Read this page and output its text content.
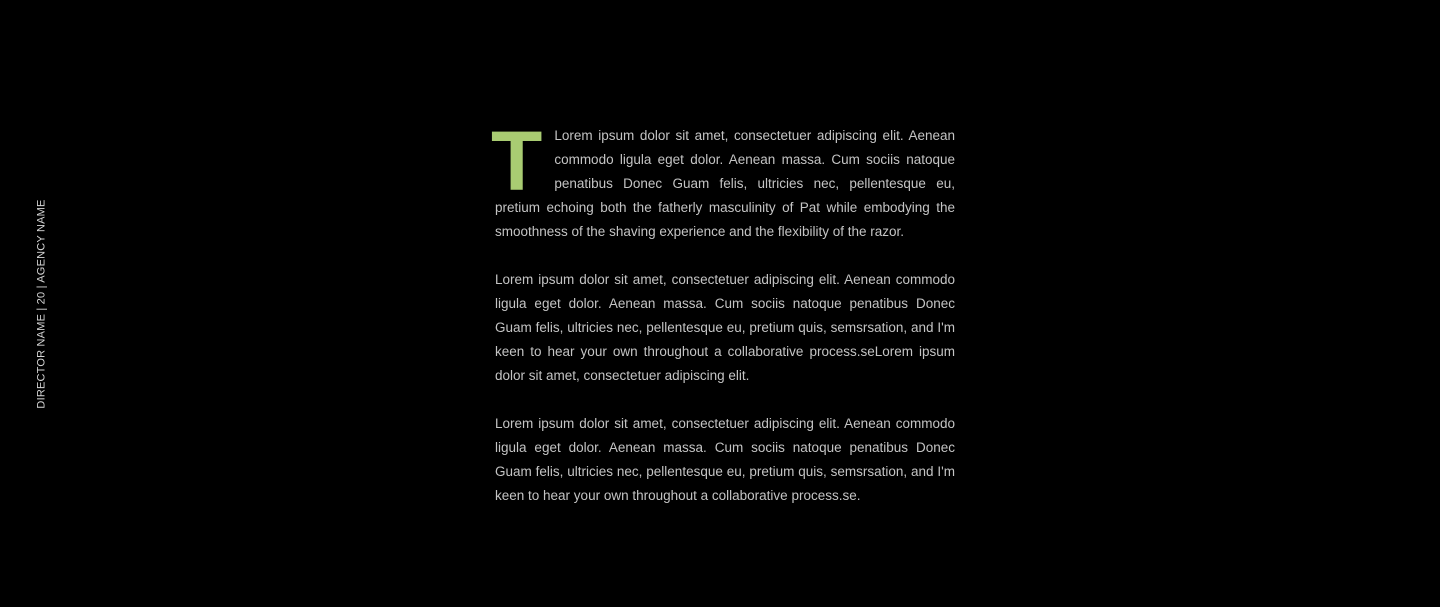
DIRECTOR NAME | 20 | AGENCY NAME

T Lorem ipsum dolor sit amet, consectetuer adipiscing elit. Aenean commodo ligula eget dolor. Aenean massa. Cum sociis natoque penatibus Donec Guam felis, ultricies nec, pellentesque eu, pretium echoing both the fatherly masculinity of Pat while embodying the smoothness of the shaving experience and the flexibility of the razor.

Lorem ipsum dolor sit amet, consectetuer adipiscing elit. Aenean commodo ligula eget dolor. Aenean massa. Cum sociis natoque penatibus Donec Guam felis, ultricies nec, pellentesque eu, pretium quis, semsrsation, and I'm keen to hear your own throughout a collaborative process.seLorem ipsum dolor sit amet, consectetuer adipiscing elit.

Lorem ipsum dolor sit amet, consectetuer adipiscing elit. Aenean commodo ligula eget dolor. Aenean massa. Cum sociis natoque penatibus Donec Guam felis, ultricies nec, pellentesque eu, pretium quis, semsrsation, and I'm keen to hear your own throughout a collaborative process.se.
